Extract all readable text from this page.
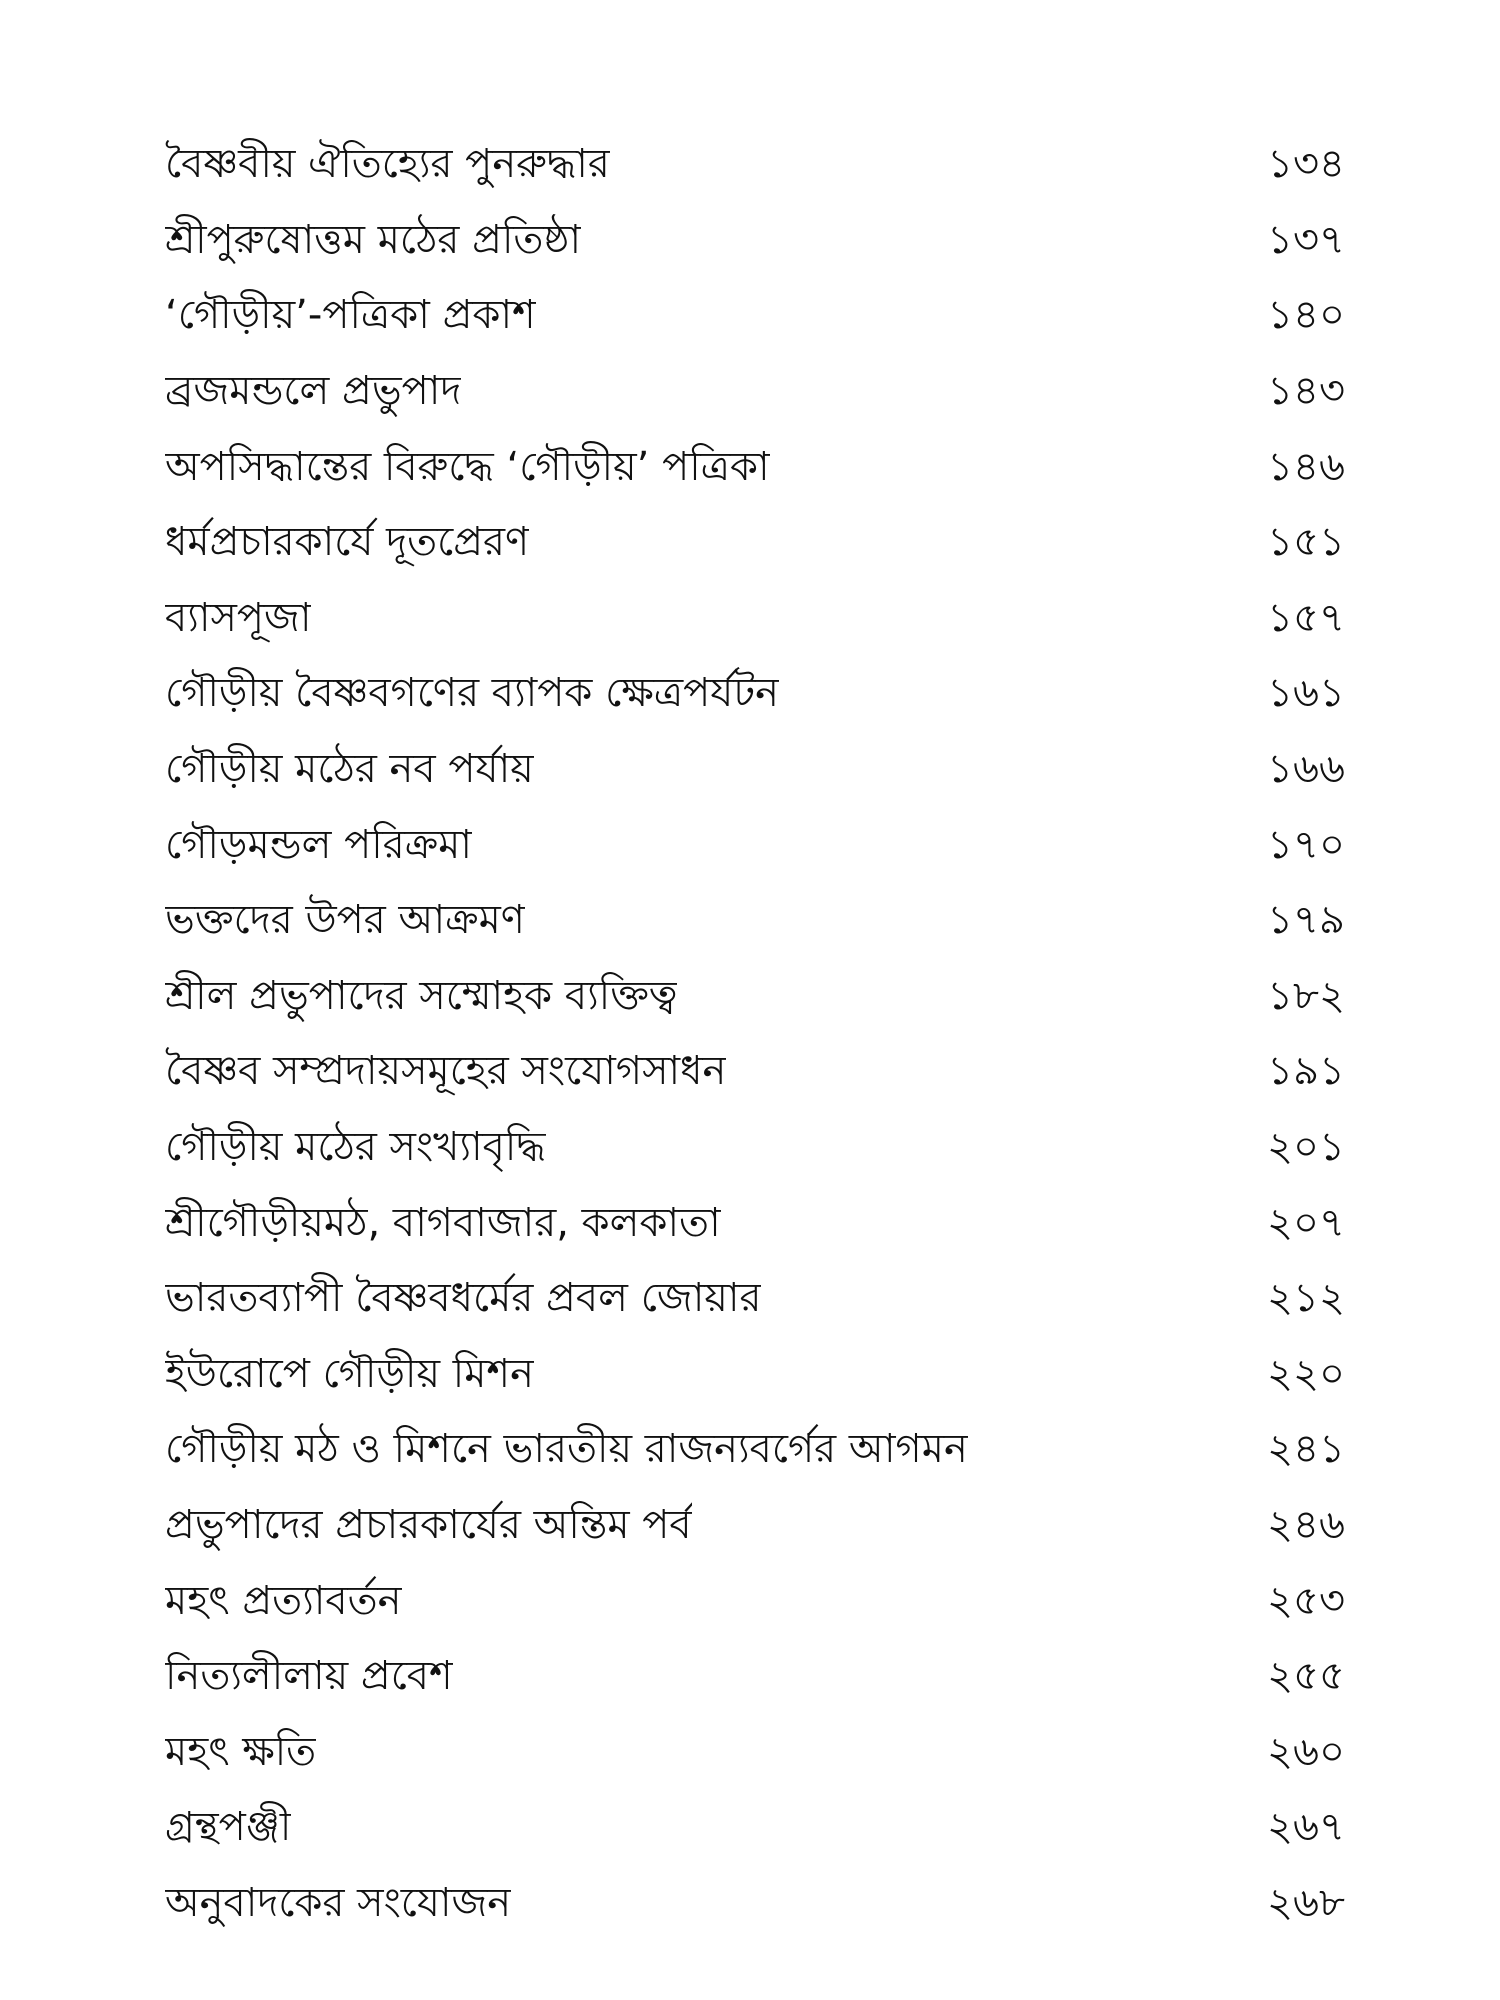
বৈষ্ণবীয় ঐতিহ্যের পুনরুদ্ধার	১৩৪
শ্রীপুরুষোত্তম মঠের প্রতিষ্ঠা	১৩৭
‘গৌড়ীয়’-পত্রিকা প্রকাশ	১৪০
ব্রজমন্ডলে প্রভুপাদ	১৪৩
অপসিদ্ধান্তের বিরুদ্ধে ‘গৌড়ীয়’ পত্রিকা	১৪৬
ধর্মপ্রচারকার্যে দূতপ্রেরণ	১৫১
ব্যাসপূজা	১৫৭
গৌড়ীয় বৈষ্ণবগণের ব্যাপক ক্ষেত্রপর্যটন	১৬১
গৌড়ীয় মঠের নব পর্যায়	১৬৬
গৌড়মন্ডল পরিক্রমা	১৭০
ভক্তদের উপর আক্রমণ	১৭৯
শ্রীল প্রভুপাদের সম্মোহক ব্যক্তিত্ব	১৮২
বৈষ্ণব সম্প্রদায়সমূহের সংযোগসাধন	১৯১
গৌড়ীয় মঠের সংখ্যাবৃদ্ধি	২০১
শ্রীগৌড়ীয়মঠ, বাগবাজার, কলকাতা	২০৭
ভারতব্যাপী বৈষ্ণবধর্মের প্রবল জোয়ার	২১২
ইউরোপে গৌড়ীয় মিশন	২২০
গৌড়ীয় মঠ ও মিশনে ভারতীয় রাজন্যবর্গের আগমন	২৪১
প্রভুপাদের প্রচারকার্যের অন্তিম পর্ব	২৪৬
মহৎ প্রত্যাবর্তন	২৫৩
নিত্যলীলায় প্রবেশ	২৫৫
মহৎ ক্ষতি	২৬০
গ্রন্থপঞ্জী	২৬৭
অনুবাদকের সংযোজন	২৬৮
